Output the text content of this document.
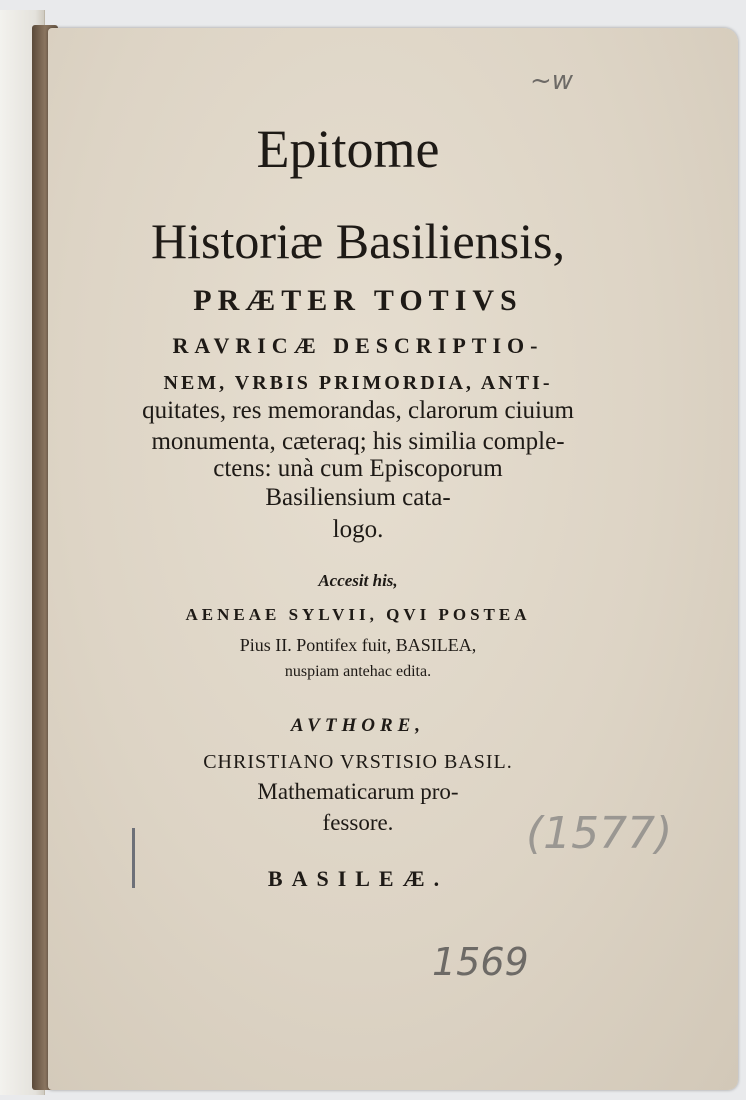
Epitome
Historiæ Basiliensis,
PRÆTER TOTIVS
RAVRICÆ DESCRIPTIO-
NEM, VRBIS PRIMORDIA, ANTI-
quitates, res memorandas, clarorum ciuium
monumenta, cæteraq; his similia comple-
ctens: unà cum Episcoporum
Basiliensium cata-
logo.
Accesit his,
AENEAE SYLVII, QVI POSTEA
Pius II. Pontifex fuit, BASILEA,
nuspiam antehac edita.
AVTHORE,
CHRISTIANO VRSTISIO BASIL.
Mathematicarum pro-
fessore.
BASILEÆ.
~w
(1577)
1569
